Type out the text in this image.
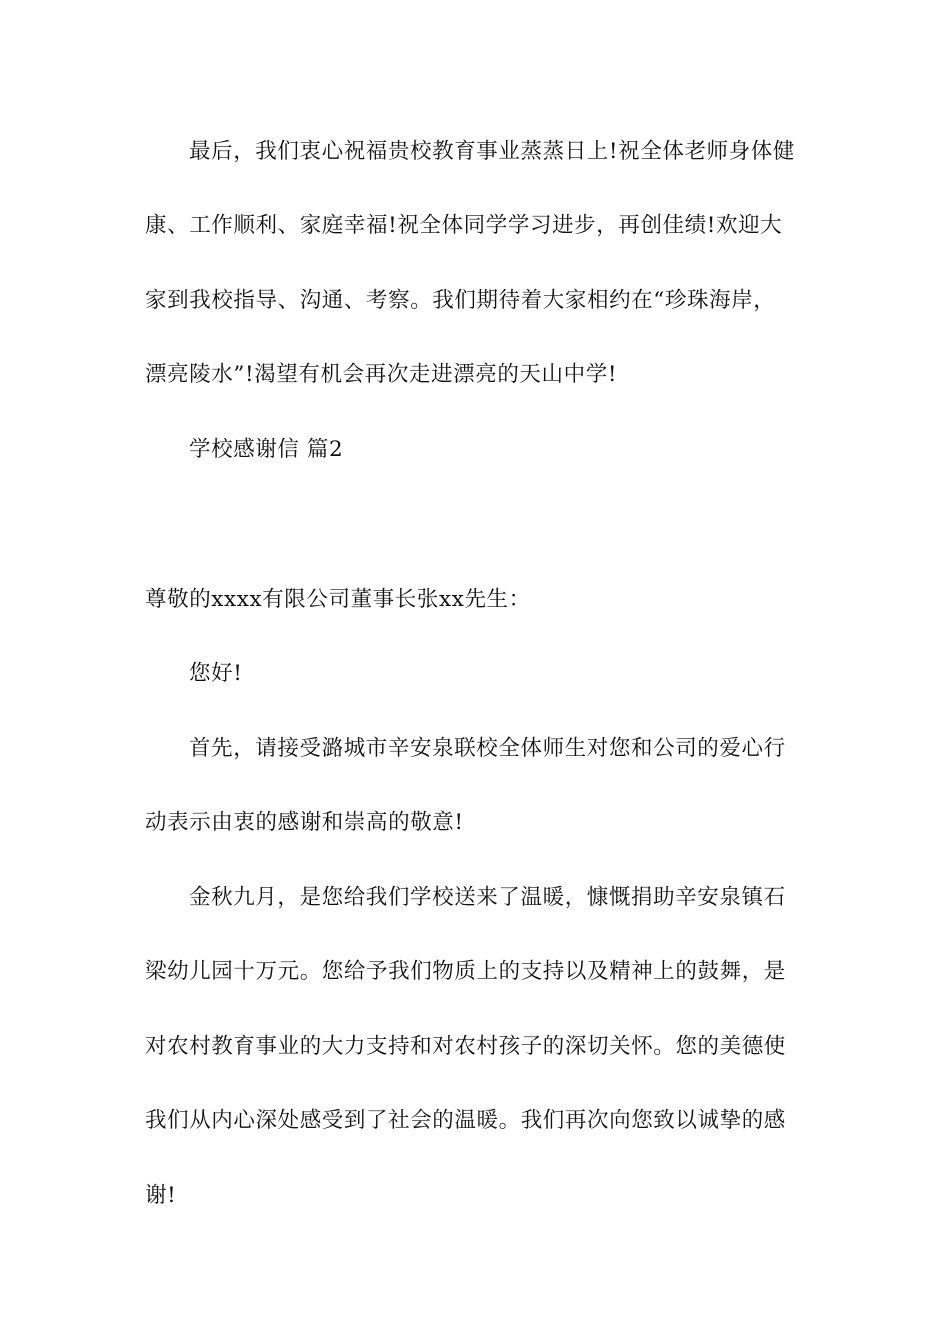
最后，我们衷心祝福贵校教育事业蒸蒸日上!祝全体老师身体健
康、工作顺利、家庭幸福!祝全体同学学习进步，再创佳绩!欢迎大
家到我校指导、沟通、考察。我们期待着大家相约在“珍珠海岸，
漂亮陵水”!渴望有机会再次走进漂亮的天山中学!
学校感谢信 篇2
尊敬的xxxx有限公司董事长张xx先生：
您好!
首先，请接受潞城市辛安泉联校全体师生对您和公司的爱心行
动表示由衷的感谢和崇高的敬意!
金秋九月，是您给我们学校送来了温暖，慷慨捐助辛安泉镇石
梁幼儿园十万元。您给予我们物质上的支持以及精神上的鼓舞，是
对农村教育事业的大力支持和对农村孩子的深切关怀。您的美德使
我们从内心深处感受到了社会的温暖。我们再次向您致以诚挚的感
谢!
